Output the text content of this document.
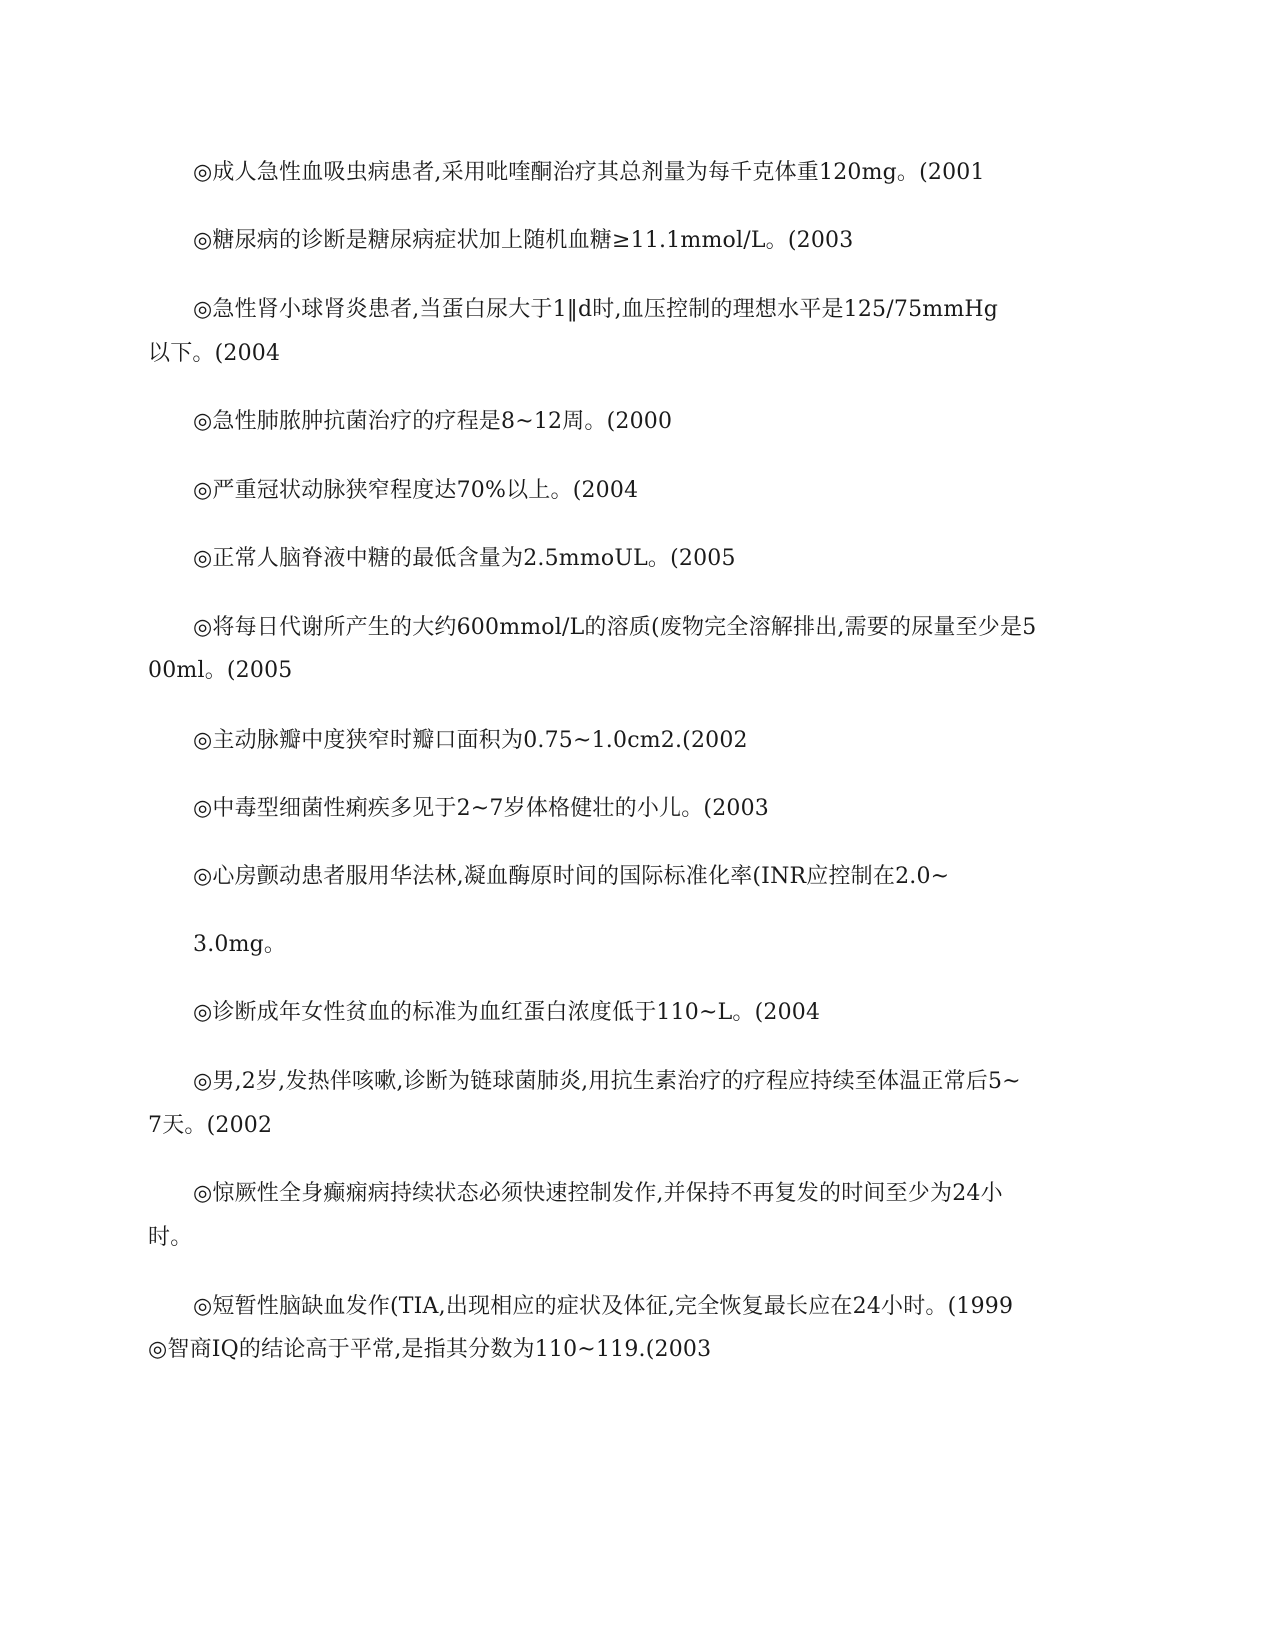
◎成人急性血吸虫病患者,采用吡喹酮治疗其总剂量为每千克体重120mg。(2001
◎糖尿病的诊断是糖尿病症状加上随机血糖≥11.1mmol/L。(2003
◎急性肾小球肾炎患者,当蛋白尿大于1‖d时,血压控制的理想水平是125/75mmHg
以下。(2004
◎急性肺脓肿抗菌治疗的疗程是8~12周。(2000
◎严重冠状动脉狭窄程度达70%以上。(2004
◎正常人脑脊液中糖的最低含量为2.5mmoUL。(2005
◎将每日代谢所产生的大约600mmol/L的溶质(废物完全溶解排出,需要的尿量至少是5
00ml。(2005
◎主动脉瓣中度狭窄时瓣口面积为0.75~1.0cm2.(2002
◎中毒型细菌性痢疾多见于2~7岁体格健壮的小儿。(2003
◎心房颤动患者服用华法林,凝血酶原时间的国际标准化率(INR应控制在2.0~
3.0mg。
◎诊断成年女性贫血的标准为血红蛋白浓度低于110~L。(2004
◎男,2岁,发热伴咳嗽,诊断为链球菌肺炎,用抗生素治疗的疗程应持续至体温正常后5~
7天。(2002
◎惊厥性全身癫痫病持续状态必须快速控制发作,并保持不再复发的时间至少为24小
时。
◎短暂性脑缺血发作(TIA,出现相应的症状及体征,完全恢复最长应在24小时。(1999
◎智商IQ的结论高于平常,是指其分数为110~119.(2003
